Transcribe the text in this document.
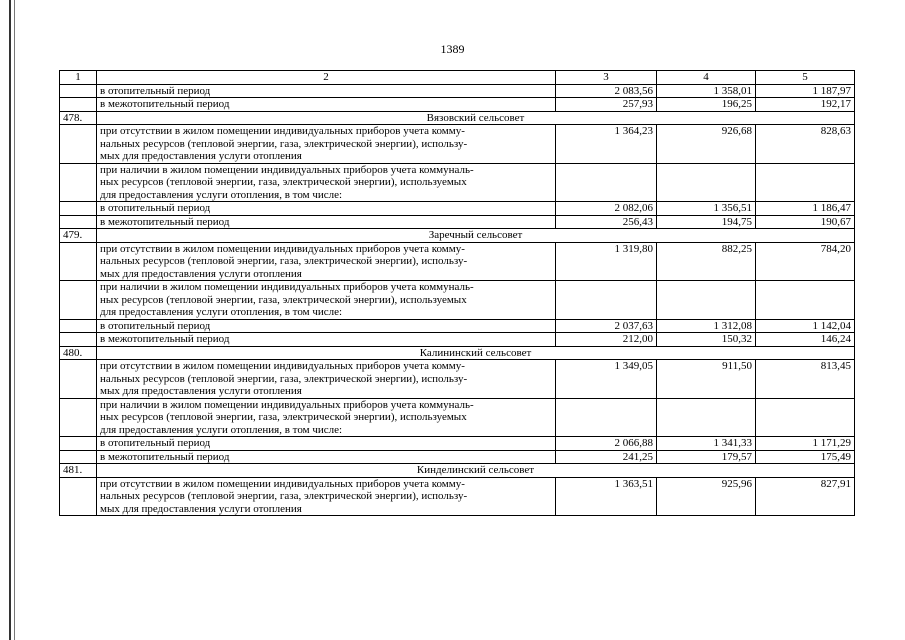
1389
1	2	3	4	5
	в отопительный период	2 083,56	1 358,01	1 187,97
	в межотопительный период	257,93	196,25	192,17
478.	Вязовский сельсовет			
	при отсутствии в жилом помещении индивидуальных приборов учета комму-
нальных ресурсов (тепловой энергии, газа, электрической энергии), использу-
мых для предоставления услуги отопления	1 364,23	926,68	828,63
	при наличии в жилом помещении индивидуальных приборов учета коммуналь-
ных ресурсов (тепловой энергии, газа, электрической энергии), используемых
для предоставления услуги отопления, в том числе:			
	в отопительный период	2 082,06	1 356,51	1 186,47
	в межотопительный период	256,43	194,75	190,67
479.	Заречный сельсовет			
	при отсутствии в жилом помещении индивидуальных приборов учета комму-
нальных ресурсов (тепловой энергии, газа, электрической энергии), использу-
мых для предоставления услуги отопления	1 319,80	882,25	784,20
	при наличии в жилом помещении индивидуальных приборов учета коммуналь-
ных ресурсов (тепловой энергии, газа, электрической энергии), используемых
для предоставления услуги отопления, в том числе:			
	в отопительный период	2 037,63	1 312,08	1 142,04
	в межотопительный период	212,00	150,32	146,24
480.	Калининский сельсовет			
	при отсутствии в жилом помещении индивидуальных приборов учета комму-
нальных ресурсов (тепловой энергии, газа, электрической энергии), использу-
мых для предоставления услуги отопления	1 349,05	911,50	813,45
	при наличии в жилом помещении индивидуальных приборов учета коммуналь-
ных ресурсов (тепловой энергии, газа, электрической энергии), используемых
для предоставления услуги отопления, в том числе:			
	в отопительный период	2 066,88	1 341,33	1 171,29
	в межотопительный период	241,25	179,57	175,49
481.	Кинделинский сельсовет			
	при отсутствии в жилом помещении индивидуальных приборов учета комму-
нальных ресурсов (тепловой энергии, газа, электрической энергии), использу-
мых для предоставления услуги отопления	1 363,51	925,96	827,91
